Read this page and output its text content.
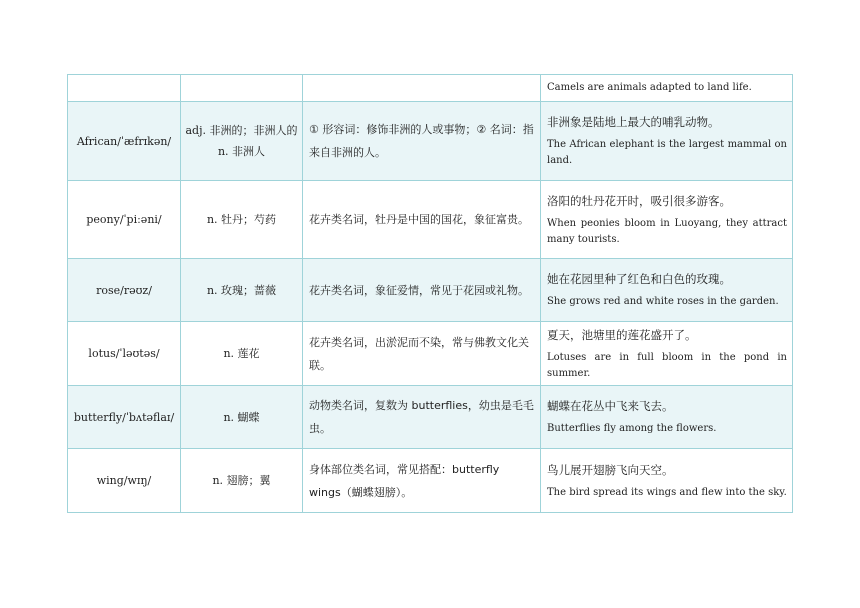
			Camels are animals adapted to land life.

African/ˈæfrɪkən/	adj. 非洲的；非洲人的 n. 非洲人	① 形容词：修饰非洲的人或事物；② 名词：指来自非洲的人。	非洲象是陆地上最大的哺乳动物。
The African elephant is the largest mammal on land.

peony/ˈpiːəni/	n. 牡丹；芍药	花卉类名词，牡丹是中国的国花，象征富贵。	洛阳的牡丹花开时，吸引很多游客。
When peonies bloom in Luoyang, they attract many tourists.

rose/rəʊz/	n. 玫瑰；蔷薇	花卉类名词，象征爱情，常见于花园或礼物。	她在花园里种了红色和白色的玫瑰。
She grows red and white roses in the garden.

lotus/ˈləʊtəs/	n. 莲花	花卉类名词，出淤泥而不染，常与佛教文化关联。	夏天，池塘里的莲花盛开了。
Lotuses are in full bloom in the pond in summer.

butterfly/ˈbʌtəflaɪ/	n. 蝴蝶	动物类名词，复数为 butterflies，幼虫是毛毛虫。	蝴蝶在花丛中飞来飞去。
Butterflies fly among the flowers.

wing/wɪŋ/	n. 翅膀；翼	身体部位类名词，常见搭配：butterfly wings（蝴蝶翅膀）。	鸟儿展开翅膀飞向天空。
The bird spread its wings and flew into the sky.
